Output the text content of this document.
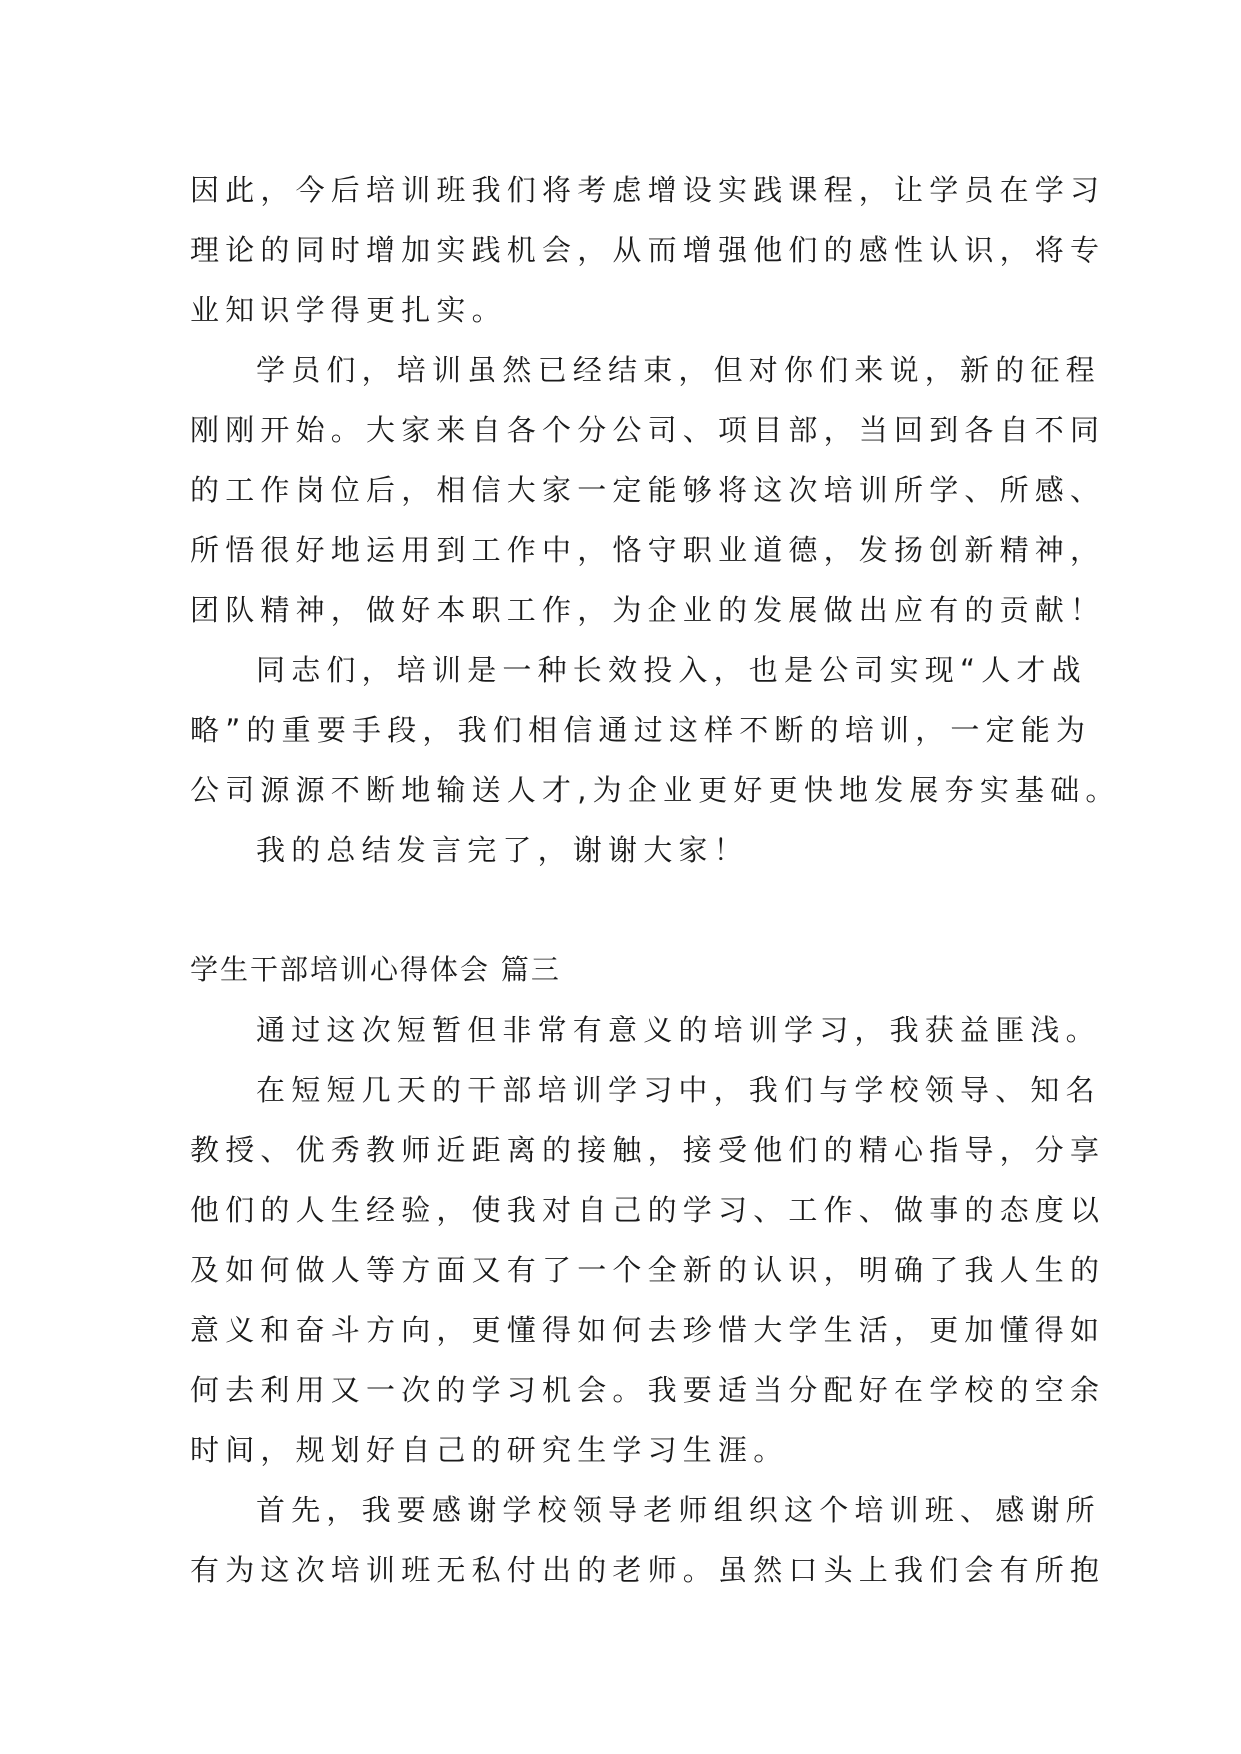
因此，今后培训班我们将考虑增设实践课程，让学员在学习
理论的同时增加实践机会，从而增强他们的感性认识，将专
业知识学得更扎实。
学员们，培训虽然已经结束，但对你们来说，新的征程
刚刚开始。大家来自各个分公司、项目部，当回到各自不同
的工作岗位后，相信大家一定能够将这次培训所学、所感、
所悟很好地运用到工作中，恪守职业道德，发扬创新精神，
团队精神，做好本职工作，为企业的发展做出应有的贡献！
同志们，培训是一种长效投入，也是公司实现“人才战
略”的重要手段，我们相信通过这样不断的培训，一定能为
公司源源不断地输送人才,为企业更好更快地发展夯实基础。
我的总结发言完了，谢谢大家！
学生干部培训心得体会 篇三
通过这次短暂但非常有意义的培训学习，我获益匪浅。
在短短几天的干部培训学习中，我们与学校领导、知名
教授、优秀教师近距离的接触，接受他们的精心指导，分享
他们的人生经验，使我对自己的学习、工作、做事的态度以
及如何做人等方面又有了一个全新的认识，明确了我人生的
意义和奋斗方向，更懂得如何去珍惜大学生活，更加懂得如
何去利用又一次的学习机会。我要适当分配好在学校的空余
时间，规划好自己的研究生学习生涯。
首先，我要感谢学校领导老师组织这个培训班、感谢所
有为这次培训班无私付出的老师。虽然口头上我们会有所抱
